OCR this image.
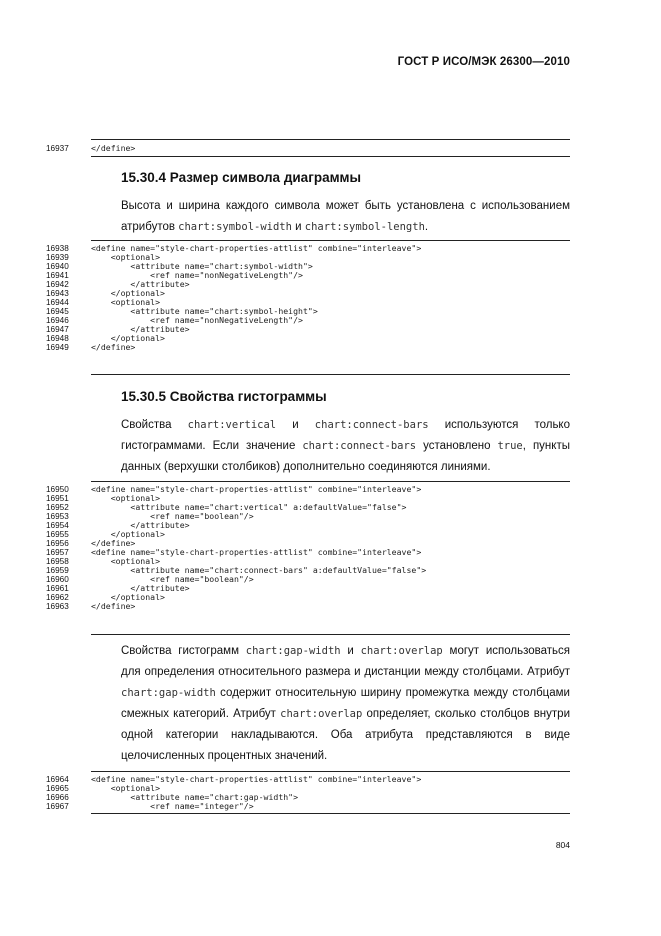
ГОСТ Р ИСО/МЭК 26300—2010
16937	</define>
15.30.4 Размер символа диаграммы
Высота и ширина каждого символа может быть установлена с использованием атрибутов chart:symbol-width и chart:symbol-length.
16938
16939
16940
16941
16942
16943
16944
16945
16946
16947
16948
16949
<define name="style-chart-properties-attlist" combine="interleave">
<optional>
<attribute name="chart:symbol-width">
<ref name="nonNegativeLength"/>
</attribute>
</optional>
<optional>
<attribute name="chart:symbol-height">
<ref name="nonNegativeLength"/>
</attribute>
</optional>
</define>
15.30.5 Свойства гистограммы
Свойства chart:vertical и chart:connect-bars используются только гистограммами. Если значение chart:connect-bars установлено true, пункты данных (верхушки столбиков) дополнительно соединяются линиями.
16950
16951
16952
16953
16954
16955
16956
16957
16958
16959
16960
16961
16962
16963
<define name="style-chart-properties-attlist" combine="interleave">
<optional>
<attribute name="chart:vertical" a:defaultValue="false">
<ref name="boolean"/>
</attribute>
</optional>
</define>
<define name="style-chart-properties-attlist" combine="interleave">
<optional>
<attribute name="chart:connect-bars" a:defaultValue="false">
<ref name="boolean"/>
</attribute>
</optional>
</define>
Свойства гистограмм chart:gap-width и chart:overlap могут использоваться для определения относительного размера и дистанции между столбцами. Атрибут chart:gap-width содержит относительную ширину промежутка между столбцами смежных категорий. Атрибут chart:overlap определяет, сколько столбцов внутри одной категории накладываются. Оба атрибута представляются в виде целочисленных процентных значений.
16964
16965
16966
16967
<define name="style-chart-properties-attlist" combine="interleave">
<optional>
<attribute name="chart:gap-width">
<ref name="integer"/>
804
